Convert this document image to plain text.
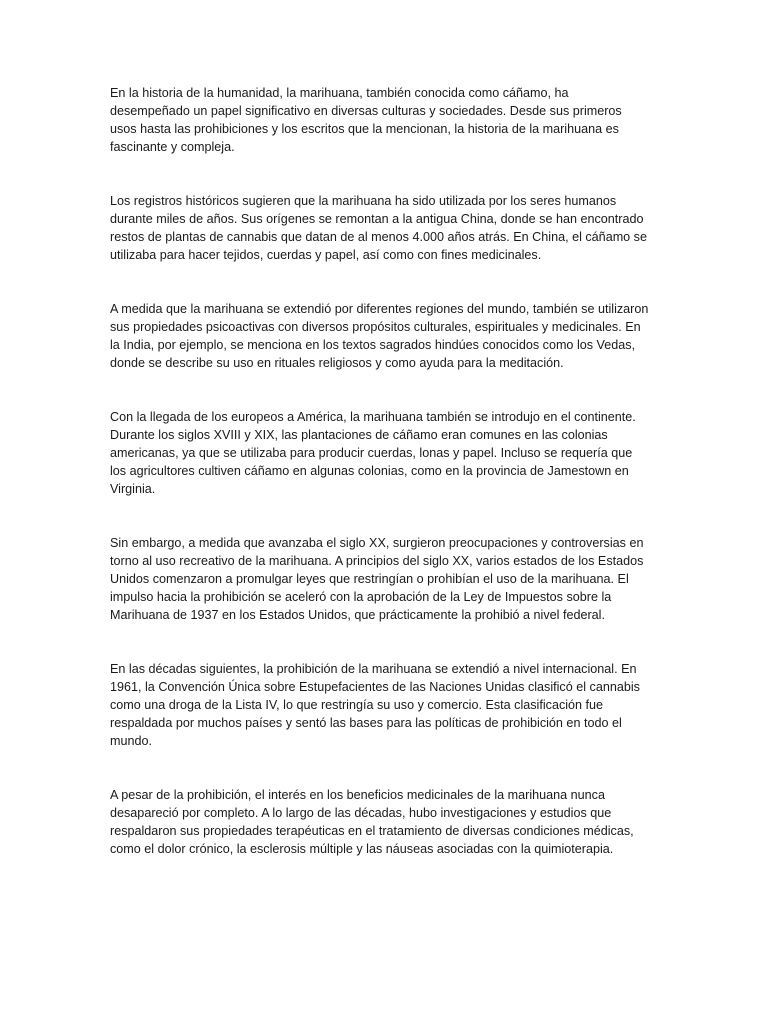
En la historia de la humanidad, la marihuana, también conocida como cáñamo, ha desempeñado un papel significativo en diversas culturas y sociedades. Desde sus primeros usos hasta las prohibiciones y los escritos que la mencionan, la historia de la marihuana es fascinante y compleja.

Los registros históricos sugieren que la marihuana ha sido utilizada por los seres humanos durante miles de años. Sus orígenes se remontan a la antigua China, donde se han encontrado restos de plantas de cannabis que datan de al menos 4.000 años atrás. En China, el cáñamo se utilizaba para hacer tejidos, cuerdas y papel, así como con fines medicinales.

A medida que la marihuana se extendió por diferentes regiones del mundo, también se utilizaron sus propiedades psicoactivas con diversos propósitos culturales, espirituales y medicinales. En la India, por ejemplo, se menciona en los textos sagrados hindúes conocidos como los Vedas, donde se describe su uso en rituales religiosos y como ayuda para la meditación.

Con la llegada de los europeos a América, la marihuana también se introdujo en el continente. Durante los siglos XVIII y XIX, las plantaciones de cáñamo eran comunes en las colonias americanas, ya que se utilizaba para producir cuerdas, lonas y papel. Incluso se requería que los agricultores cultiven cáñamo en algunas colonias, como en la provincia de Jamestown en Virginia.

Sin embargo, a medida que avanzaba el siglo XX, surgieron preocupaciones y controversias en torno al uso recreativo de la marihuana. A principios del siglo XX, varios estados de los Estados Unidos comenzaron a promulgar leyes que restringían o prohibían el uso de la marihuana. El impulso hacia la prohibición se aceleró con la aprobación de la Ley de Impuestos sobre la Marihuana de 1937 en los Estados Unidos, que prácticamente la prohibió a nivel federal.

En las décadas siguientes, la prohibición de la marihuana se extendió a nivel internacional. En 1961, la Convención Única sobre Estupefacientes de las Naciones Unidas clasificó el cannabis como una droga de la Lista IV, lo que restringía su uso y comercio. Esta clasificación fue respaldada por muchos países y sentó las bases para las políticas de prohibición en todo el mundo.

A pesar de la prohibición, el interés en los beneficios medicinales de la marihuana nunca desapareció por completo. A lo largo de las décadas, hubo investigaciones y estudios que respaldaron sus propiedades terapéuticas en el tratamiento de diversas condiciones médicas, como el dolor crónico, la esclerosis múltiple y las náuseas asociadas con la quimioterapia.
